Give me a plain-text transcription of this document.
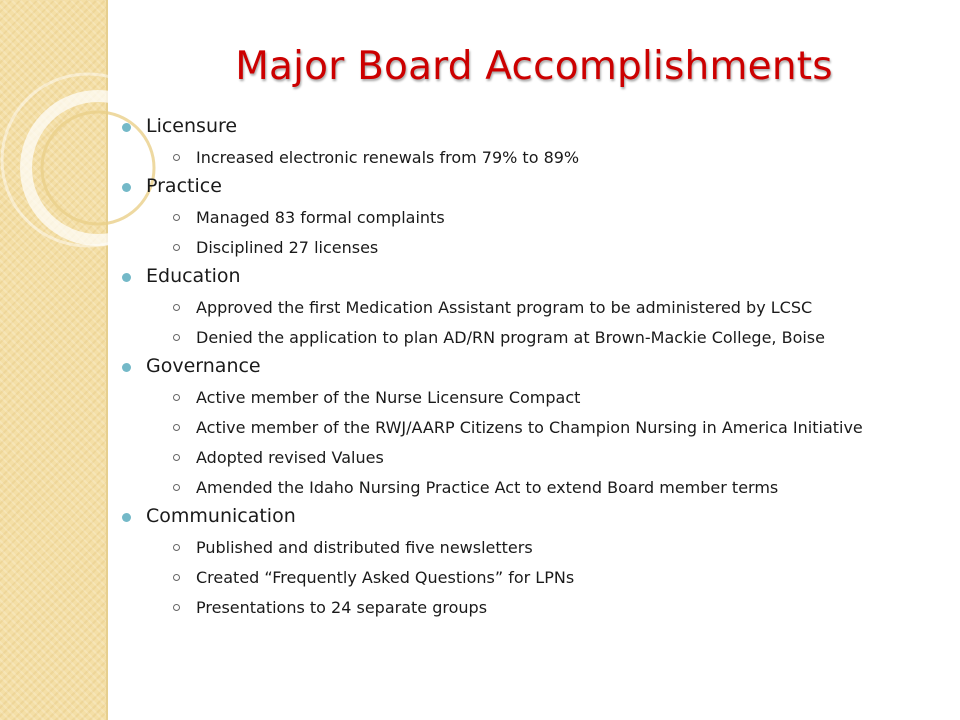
Major Board Accomplishments
Licensure
Increased electronic renewals from 79% to 89%
Practice
Managed 83 formal complaints
Disciplined 27 licenses
Education
Approved the first Medication Assistant program to be administered by LCSC
Denied the application to plan AD/RN program at Brown-Mackie College, Boise
Governance
Active member of the Nurse Licensure Compact
Active member of the RWJ/AARP Citizens to Champion Nursing in America Initiative
Adopted revised Values
Amended the Idaho Nursing Practice Act to extend Board member terms
Communication
Published and distributed five newsletters
Created “Frequently Asked Questions” for LPNs
Presentations to 24 separate groups
